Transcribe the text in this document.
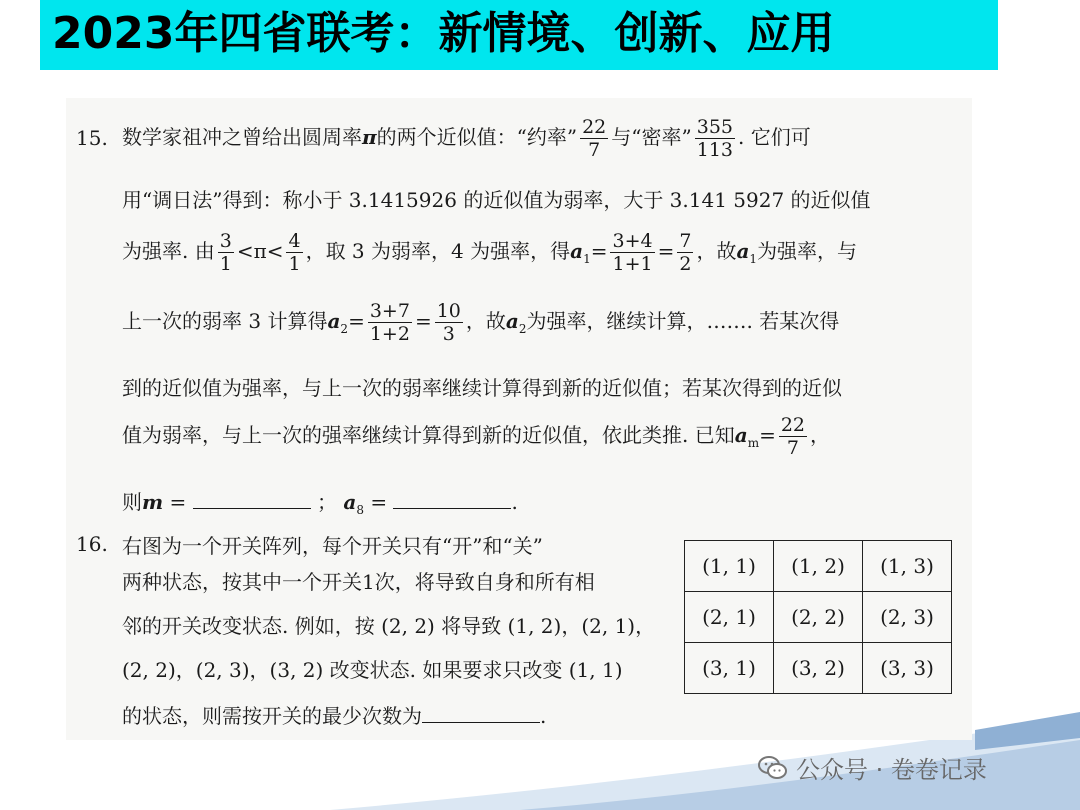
2023年四省联考：新情境、创新、应用
15. 数学家祖冲之曾给出圆周率π的两个近似值：“约率” $\frac{22}{7}$ 与“密率” $\frac{355}{113}$ . 它们可
用“调日法”得到：称小于 3.1415926 的近似值为弱率，大于 3.141 5927 的近似值
为强率. 由 $\frac{3}{1} <\pi< \frac{4}{1}$ ，取 3 为弱率，4 为强率，得$a_1= \frac{3+4}{1+1} = \frac{7}{2}$ ，故$a_1$为强率，与
上一次的弱率 3 计算得$a_2= \frac{3+7}{1+2} = \frac{10}{3}$ ，故$a_2$为强率，继续计算，……. 若某次得
到的近似值为强率，与上一次的弱率继续计算得到新的近似值；若某次得到的近似
值为弱率，与上一次的强率继续计算得到新的近似值，依此类推. 已知$a_m= \frac{22}{7}$ ，
则m =	； $a_8$ =	.
16. 右图为一个开关阵列，每个开关只有“开”和“关”
两种状态，按其中一个开关1次，将导致自身和所有相
邻的开关改变状态. 例如，按 (2, 2) 将导致 (1, 2)，(2, 1)，
(2, 2)，(2, 3)，(3, 2) 改变状态. 如果要求只改变 (1, 1)
的状态，则需按开关的最少次数为	.
(1, 1)	(1, 2)	(1, 3)
(2, 1)	(2, 2)	(2, 3)
(3, 1)	(3, 2)	(3, 3)
公众号 · 卷卷记录
